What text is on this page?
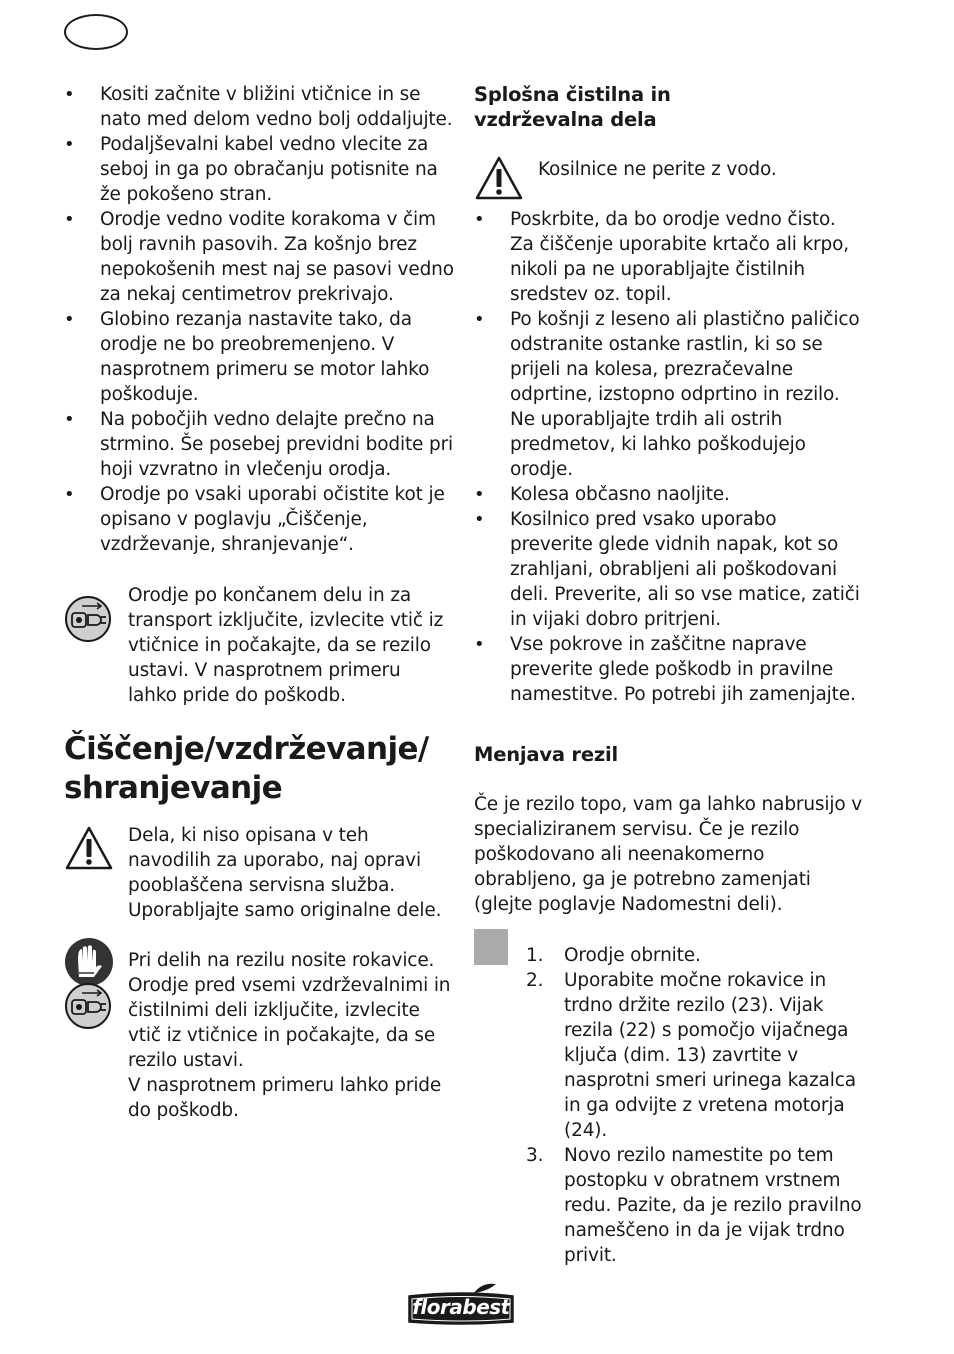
• Kositi začnite v bližini vtičnice in se nato med delom vedno bolj oddaljujte.
• Podaljševalni kabel vedno vlecite za seboj in ga po obračanju potisnite na že pokošeno stran.
• Orodje vedno vodite korakoma v čim bolj ravnih pasovih. Za košnjo brez nepokošenih mest naj se pasovi vedno za nekaj centimetrov prekrivajo.
• Globino rezanja nastavite tako, da orodje ne bo preobremenjeno. V nasprotnem primeru se motor lahko poškoduje.
• Na pobočjih vedno delajte prečno na strmino. Še posebej previdni bodite pri hoji vzvratno in vlečenju orodja.
• Orodje po vsaki uporabi očistite kot je opisano v poglavju „Čiščenje, vzdrževanje, shranjevanje“.
Orodje po končanem delu in za transport izključite, izvlecite vtič iz vtičnice in počakajte, da se rezilo ustavi. V nasprotnem primeru lahko pride do poškodb.

Čiščenje/vzdrževanje/

shranjevanje

Dela, ki niso opisana v teh navodilih za uporabo, naj opravi pooblaščena servisna služba. Uporabljajte samo originalne dele.
Pri delih na rezilu nosite rokavice. Orodje pred vsemi vzdrževalnimi in čistilnimi deli izključite, izvlecite vtič iz vtičnice in počakajte, da se rezilo ustavi.
V nasprotnem primeru lahko pride do poškodb.

Splošna čistilna in

vzdrževalna dela

Kosilnice ne perite z vodo.
• Poskrbite, da bo orodje vedno čisto. Za čiščenje uporabite krtačo ali krpo, nikoli pa ne uporabljajte čistilnih sredstev oz. topil.
• Po košnji z leseno ali plastično paličico odstranite ostanke rastlin, ki so se prijeli na kolesa, prezračevalne odprtine, izstopno odprtino in rezilo. Ne uporabljajte trdih ali ostrih predmetov, ki lahko poškodujejo orodje.
• Kolesa občasno naoljite.
• Kosilnico pred vsako uporabo preverite glede vidnih napak, kot so zrahljani, obrabljeni ali poškodovani deli. Preverite, ali so vse matice, zatiči in vijaki dobro pritrjeni.
• Vse pokrove in zaščitne naprave preverite glede poškodb in pravilne namestitve. Po potrebi jih zamenjajte.

Menjava rezil

Če je rezilo topo, vam ga lahko nabrusijo v specializiranem servisu. Če je rezilo poškodovano ali neenakomerno obrabljeno, ga je potrebno zamenjati (glejte poglavje Nadomestni deli).
1. Orodje obrnite.
2. Uporabite močne rokavice in trdno držite rezilo (23). Vijak rezila (22) s pomočjo vijačnega ključa (dim. 13) zavrtite v nasprotni smeri urinega kazalca in ga odvijte z vretena motorja (24).
3. Novo rezilo namestite po tem postopku v obratnem vrstnem redu. Pazite, da je rezilo pravilno nameščeno in da je vijak trdno privit.
florabest
